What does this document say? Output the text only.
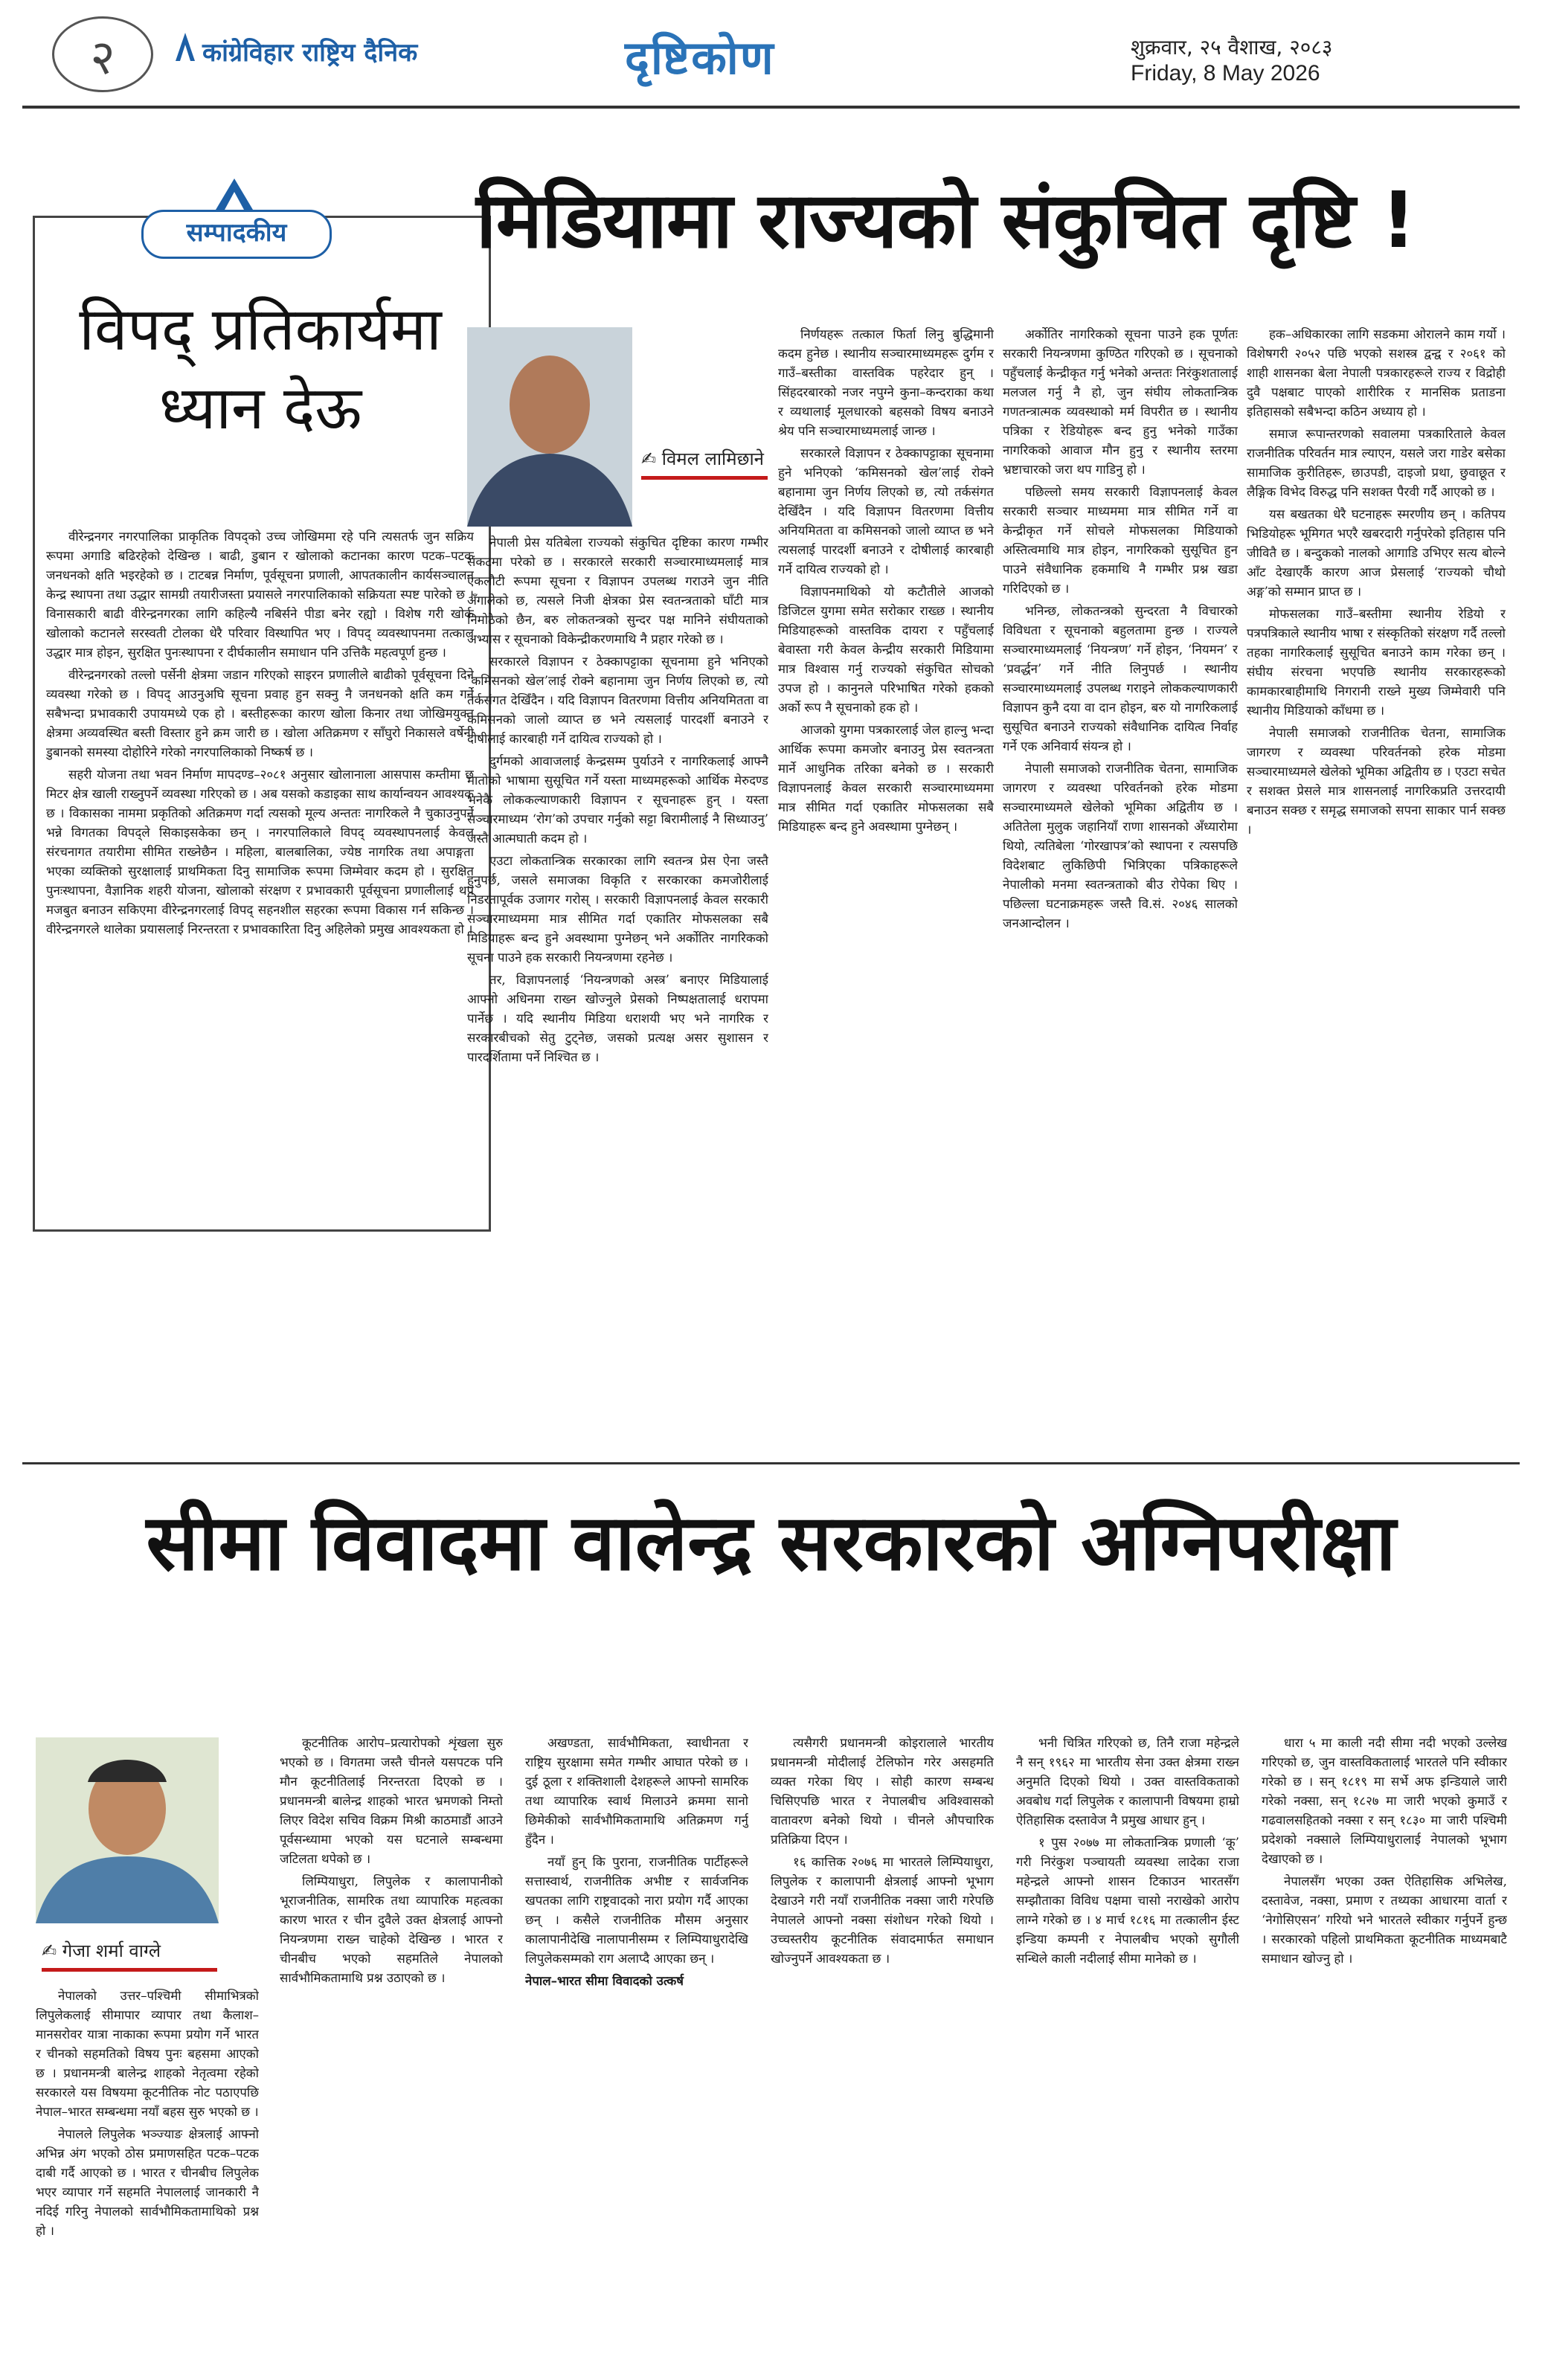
२	कांग्रेविहार राष्ट्रिय दैनिक	दृष्टिकोण	शुक्रवार, २५ वैशाख, २०८३
Friday, 8 May 2026
सम्पादकीय
विपद् प्रतिकार्यमा
ध्यान देऊ

वीरेन्द्रनगर नगरपालिका प्राकृतिक विपद्को उच्च जोखिममा रहे पनि त्यसतर्फ जुन सक्रिय रूपमा अगाडि बढिरहेको देखिन्छ । बाढी, डुबान र खोलाको कटानका कारण पटक–पटक जनधनको क्षति भइरहेको छ । टाटबन्न निर्माण, पूर्वसूचना प्रणाली, आपतकालीन कार्यसञ्चालन केन्द्र स्थापना तथा उद्धार सामग्री तयारीजस्ता प्रयासले नगरपालिकाको सक्रियता स्पष्ट पारेको छ । विनासकारी बाढी वीरेन्द्रनगरका लागि कहिल्यै नबिर्सने पीडा बनेर रह्यो । विशेष गरी खोर्क खोलाको कटानले सरस्वती टोलका धेरै परिवार विस्थापित भए । विपद् व्यवस्थापनमा तत्काल उद्धार मात्र होइन, सुरक्षित पुनःस्थापना र दीर्घकालीन समाधान पनि उत्तिकै महत्वपूर्ण हुन्छ ।

वीरेन्द्रनगरको तल्लो पर्सेनी क्षेत्रमा जडान गरिएको साइरन प्रणालीले बाढीको पूर्वसूचना दिने व्यवस्था गरेको छ । विपद् आउनुअघि सूचना प्रवाह हुन सक्नु नै जनधनको क्षति कम गर्ने सबैभन्दा प्रभावकारी उपायमध्ये एक हो । बस्तीहरूका कारण खोला किनार तथा जोखिमयुक्त क्षेत्रमा अव्यवस्थित बस्ती विस्तार हुने क्रम जारी छ । खोला अतिक्रमण र साँघुरो निकासले वर्षेनी डुबानको समस्या दोहोरिने गरेको नगरपालिकाको निष्कर्ष छ ।

सहरी योजना तथा भवन निर्माण मापदण्ड–२०८१ अनुसार खोलानाला आसपास कम्तीमा छ मिटर क्षेत्र खाली राख्नुपर्ने व्यवस्था गरिएको छ । अब यसको कडाइका साथ कार्यान्वयन आवश्यक छ । विकासका नाममा प्रकृतिको अतिक्रमण गर्दा त्यसको मूल्य अन्ततः नागरिकले नै चुकाउनुपर्ने भन्ने विगतका विपद्ले सिकाइसकेका छन् । नगरपालिकाले विपद् व्यवस्थापनलाई केवल संरचनागत तयारीमा सीमित राख्नेछैन । महिला, बालबालिका, ज्येष्ठ नागरिक तथा अपाङ्गता भएका व्यक्तिको सुरक्षालाई प्राथमिकता दिनु सामाजिक रूपमा जिम्मेवार कदम हो । सुरक्षित पुनःस्थापना, वैज्ञानिक शहरी योजना, खोलाको संरक्षण र प्रभावकारी पूर्वसूचना प्रणालीलाई थप मजबुत बनाउन सकिएमा वीरेन्द्रनगरलाई विपद् सहनशील सहरका रूपमा विकास गर्न सकिन्छ । वीरेन्द्रनगरले थालेका प्रयासलाई निरन्तरता र प्रभावकारिता दिनु अहिलेको प्रमुख आवश्यकता हो ।

मिडियामा राज्यको संकुचित दृष्टि !
✍ विमल लामिछाने

नेपाली प्रेस यतिबेला राज्यको संकुचित दृष्टिका कारण गम्भीर संकटमा परेको छ । सरकारले सरकारी सञ्चारमाध्यमलाई मात्र एकलौटी रूपमा सूचना र विज्ञापन उपलब्ध गराउने जुन नीति अँगालेको छ, त्यसले निजी क्षेत्रका प्रेस स्वतन्त्रताको घाँटी मात्र निमोठेको छैन, बरु लोकतन्त्रको सुन्दर पक्ष मानिने संघीयताको अभ्यास र सूचनाको विकेन्द्रीकरणमाथि नै प्रहार गरेको छ ।

सरकारले विज्ञापन र ठेक्कापट्टाका सूचनामा हुने भनिएको ‘कमिसनको खेल’लाई रोक्ने बहानामा जुन निर्णय लिएको छ, त्यो तर्कसंगत देखिँदैन । यदि विज्ञापन वितरणमा वित्तीय अनियमितता वा कमिसनको जालो व्याप्त छ भने त्यसलाई पारदर्शी बनाउने र दोषीलाई कारबाही गर्ने दायित्व राज्यको हो ।

दुर्गमको आवाजलाई केन्द्रसम्म पुर्याउने र नागरिकलाई आफ्नै मातोको भाषामा सुसूचित गर्ने यस्ता माध्यमहरूको आर्थिक मेरुदण्ड भनेकै लोककल्याणकारी विज्ञापन र सूचनाहरू हुन् । यस्ता सञ्चारमाध्यम ‘रोग’को उपचार गर्नुको सट्टा बिरामीलाई नै सिध्याउनु’ जस्तै आत्मघाती कदम हो ।

एउटा लोकतान्त्रिक सरकारका लागि स्वतन्त्र प्रेस ऐना जस्तै हुनुपर्छ, जसले समाजका विकृति र सरकारका कमजोरीलाई निडरतापूर्वक उजागर गरोस् । सरकारी विज्ञापनलाई केवल सरकारी सञ्चारमाध्यममा मात्र सीमित गर्दा एकातिर मोफसलका सबै मिडियाहरू बन्द हुने अवस्थामा पुग्नेछन् भने अर्कोतिर नागरिकको सूचना पाउने हक सरकारी नियन्त्रणमा रहनेछ ।

तर, विज्ञापनलाई ‘नियन्त्रणको अस्त्र’ बनाएर मिडियालाई आफ्नो अधिनमा राख्न खोज्नुले प्रेसको निष्पक्षतालाई धरापमा पार्नेछ । यदि स्थानीय मिडिया धराशयी भए भने नागरिक र सरकारबीचको सेतु टुट्नेछ, जसको प्रत्यक्ष असर सुशासन र पारदर्शितामा पर्ने निश्चित छ ।

निर्णयहरू तत्काल फिर्ता लिनु बुद्धिमानी कदम हुनेछ । स्थानीय सञ्चारमाध्यमहरू दुर्गम र गाउँ–बस्तीका वास्तविक पहरेदार हुन् । सिंहदरबारको नजर नपुग्ने कुना–कन्दराका कथा र व्यथालाई मूलधारको बहसको विषय बनाउने श्रेय पनि सञ्चारमाध्यमलाई जान्छ ।

सरकारले विज्ञापन र ठेक्कापट्टाका सूचनामा हुने भनिएको ‘कमिसनको खेल’लाई रोक्ने बहानामा जुन निर्णय लिएको छ, त्यो तर्कसंगत देखिँदैन । यदि विज्ञापन वितरणमा वित्तीय अनियमितता वा कमिसनको जालो व्याप्त छ भने त्यसलाई पारदर्शी बनाउने र दोषीलाई कारबाही गर्ने दायित्व राज्यको हो ।

विज्ञापनमाथिको यो कटौतीले आजको डिजिटल युगमा समेत सरोकार राख्छ । स्थानीय मिडियाहरूको वास्तविक दायरा र पहुँचलाई बेवास्ता गरी केवल केन्द्रीय सरकारी मिडियामा मात्र विश्वास गर्नु राज्यको संकुचित सोचको उपज हो । कानुनले परिभाषित गरेको हकको अर्को रूप नै सूचनाको हक हो ।

आजको युगमा पत्रकारलाई जेल हाल्नु भन्दा आर्थिक रूपमा कमजोर बनाउनु प्रेस स्वतन्त्रता मार्ने आधुनिक तरिका बनेको छ । सरकारी विज्ञापनलाई केवल सरकारी सञ्चारमाध्यममा मात्र सीमित गर्दा एकातिर मोफसलका सबै मिडियाहरू बन्द हुने अवस्थामा पुग्नेछन् ।

अर्कोतिर नागरिकको सूचना पाउने हक पूर्णतः सरकारी नियन्त्रणमा कुण्ठित गरिएको छ । सूचनाको पहुँचलाई केन्द्रीकृत गर्नु भनेको अन्ततः निरंकुशतालाई मलजल गर्नु नै हो, जुन संघीय लोकतान्त्रिक गणतन्त्रात्मक व्यवस्थाको मर्म विपरीत छ । स्थानीय पत्रिका र रेडियोहरू बन्द हुनु भनेको गाउँका नागरिकको आवाज मौन हुनु र स्थानीय स्तरमा भ्रष्टाचारको जरा थप गाडिनु हो ।

पछिल्लो समय सरकारी विज्ञापनलाई केवल सरकारी सञ्चार माध्यममा मात्र सीमित गर्ने वा केन्द्रीकृत गर्ने सोचले मोफसलका मिडियाको अस्तित्वमाथि मात्र होइन, नागरिकको सुसूचित हुन पाउने संवैधानिक हकमाथि नै गम्भीर प्रश्न खडा गरिदिएको छ ।

भनिन्छ, लोकतन्त्रको सुन्दरता नै विचारको विविधता र सूचनाको बहुलतामा हुन्छ । राज्यले सञ्चारमाध्यमलाई ‘नियन्त्रण’ गर्ने होइन, ‘नियमन’ र ‘प्रवर्द्धन’ गर्ने नीति लिनुपर्छ । स्थानीय सञ्चारमाध्यमलाई उपलब्ध गराइने लोककल्याणकारी विज्ञापन कुनै दया वा दान होइन, बरु यो नागरिकलाई सुसूचित बनाउने राज्यको संवैधानिक दायित्व निर्वाह गर्ने एक अनिवार्य संयन्त्र हो ।

नेपाली समाजको राजनीतिक चेतना, सामाजिक जागरण र व्यवस्था परिवर्तनको हरेक मोडमा सञ्चारमाध्यमले खेलेको भूमिका अद्वितीय छ । अतितेला मुलुक जहानियाँ राणा शासनको अँध्यारोमा थियो, त्यतिबेला ‘गोरखापत्र’को स्थापना र त्यसपछि विदेशबाट लुकिछिपी भित्रिएका पत्रिकाहरूले नेपालीको मनमा स्वतन्त्रताको बीउ रोपेका थिए । पछिल्ला घटनाक्रमहरू जस्तै वि.सं. २०४६ सालको जनआन्दोलन ।

हक–अधिकारका लागि सडकमा ओरालने काम गर्यो । विशेषगरी २०५२ पछि भएको सशस्त्र द्वन्द्व र २०६१ को शाही शासनका बेला नेपाली पत्रकारहरूले राज्य र विद्रोही दुवै पक्षबाट पाएको शारीरिक र मानसिक प्रताडना इतिहासको सबैभन्दा कठिन अध्याय हो ।

समाज रूपान्तरणको सवालमा पत्रकारिताले केवल राजनीतिक परिवर्तन मात्र ल्याएन, यसले जरा गाडेर बसेका सामाजिक कुरीतिहरू, छाउपडी, दाइजो प्रथा, छुवाछूत र लैङ्गिक विभेद विरुद्ध पनि सशक्त पैरवी गर्दै आएको छ ।

यस बखतका धेरै घटनाहरू स्मरणीय छन् । कतिपय भिडियोहरू भूमिगत भएरै खबरदारी गर्नुपरेको इतिहास पनि जीवितै छ । बन्दुकको नालको आगाडि उभिएर सत्य बोल्ने आँट देखाएर्कै कारण आज प्रेसलाई ‘राज्यको चौथो अङ्ग’को सम्मान प्राप्त छ ।

मोफसलका गाउँ–बस्तीमा स्थानीय रेडियो र पत्रपत्रिकाले स्थानीय भाषा र संस्कृतिको संरक्षण गर्दै तल्लो तहका नागरिकलाई सुसूचित बनाउने काम गरेका छन् । संघीय संरचना भएपछि स्थानीय सरकारहरूको कामकारबाहीमाथि निगरानी राख्ने मुख्य जिम्मेवारी पनि स्थानीय मिडियाको काँधमा छ ।

नेपाली समाजको राजनीतिक चेतना, सामाजिक जागरण र व्यवस्था परिवर्तनको हरेक मोडमा सञ्चारमाध्यमले खेलेको भूमिका अद्वितीय छ । एउटा सचेत र सशक्त प्रेसले मात्र शासनलाई नागरिकप्रति उत्तरदायी बनाउन सक्छ र समृद्ध समाजको सपना साकार पार्न सक्छ ।

सीमा विवादमा वालेन्द्र सरकारको अग्निपरीक्षा
✍ गेजा शर्मा वाग्ले

नेपालको उत्तर–पश्चिमी सीमाभित्रको लिपुलेकलाई सीमापार व्यापार तथा कैलाश–मानसरोवर यात्रा नाकाका रूपमा प्रयोग गर्ने भारत र चीनको सहमतिको विषय पुनः बहसमा आएको छ । प्रधानमन्त्री बालेन्द्र शाहको नेतृत्वमा रहेको सरकारले यस विषयमा कूटनीतिक नोट पठाएपछि नेपाल–भारत सम्बन्धमा नयाँ बहस सुरु भएको छ ।

नेपालले लिपुलेक भञ्ज्याङ क्षेत्रलाई आफ्नो अभिन्न अंग भएको ठोस प्रमाणसहित पटक–पटक दाबी गर्दै आएको छ । भारत र चीनबीच लिपुलेक भएर व्यापार गर्ने सहमति नेपाललाई जानकारी नै नदिई गरिनु नेपालको सार्वभौमिकतामाथिको प्रश्न हो ।

कूटनीतिक आरोप–प्रत्यारोपको शृंखला सुरु भएको छ । विगतमा जस्तै चीनले यसपटक पनि मौन कूटनीतिलाई निरन्तरता दिएको छ । प्रधानमन्त्री बालेन्द्र शाहको भारत भ्रमणको निम्तो लिएर विदेश सचिव विक्रम मिश्री काठमाडौं आउने पूर्वसन्ध्यामा भएको यस घटनाले सम्बन्धमा जटिलता थपेको छ ।

लिम्पियाधुरा, लिपुलेक र कालापानीको भूराजनीतिक, सामरिक तथा व्यापारिक महत्वका कारण भारत र चीन दुवैले उक्त क्षेत्रलाई आफ्नो नियन्त्रणमा राख्न चाहेको देखिन्छ । भारत र चीनबीच भएको सहमतिले नेपालको सार्वभौमिकतामाथि प्रश्न उठाएको छ ।

अखण्डता, सार्वभौमिकता, स्वाधीनता र राष्ट्रिय सुरक्षामा समेत गम्भीर आघात परेको छ । दुई ठूला र शक्तिशाली देशहरूले आफ्नो सामरिक तथा व्यापारिक स्वार्थ मिलाउने क्रममा सानो छिमेकीको सार्वभौमिकतामाथि अतिक्रमण गर्नु हुँदैन ।

नयाँ हुन् कि पुराना, राजनीतिक पार्टीहरूले सत्तास्वार्थ, राजनीतिक अभीष्ट र सार्वजनिक खपतका लागि राष्ट्रवादको नारा प्रयोग गर्दै आएका छन् । कसैले राजनीतिक मौसम अनुसार कालापानीदेखि नालापानीसम्म र लिम्पियाधुरादेखि लिपुलेकसम्मको राग अलाप्दै आएका छन् ।

नेपाल–भारत सीमा विवादको उत्कर्ष

त्यसैगरी प्रधानमन्त्री कोइरालाले भारतीय प्रधानमन्त्री मोदीलाई टेलिफोन गरेर असहमति व्यक्त गरेका थिए । सोही कारण सम्बन्ध चिसिएपछि भारत र नेपालबीच अविश्वासको वातावरण बनेको थियो । चीनले औपचारिक प्रतिक्रिया दिएन ।

१६ कात्तिक २०७६ मा भारतले लिम्पियाधुरा, लिपुलेक र कालापानी क्षेत्रलाई आफ्नो भूभाग देखाउने गरी नयाँ राजनीतिक नक्सा जारी गरेपछि नेपालले आफ्नो नक्सा संशोधन गरेको थियो । उच्चस्तरीय कूटनीतिक संवादमार्फत समाधान खोज्नुपर्ने आवश्यकता छ ।

भनी चित्रित गरिएको छ, तिनै राजा महेन्द्रले नै सन् १९६२ मा भारतीय सेना उक्त क्षेत्रमा राख्न अनुमति दिएको थियो । उक्त वास्तविकताको अवबोध गर्दा लिपुलेक र कालापानी विषयमा हाम्रो ऐतिहासिक दस्तावेज नै प्रमुख आधार हुन् ।

१ पुस २०७७ मा लोकतान्त्रिक प्रणाली ‘कू’ गरी निरंकुश पञ्चायती व्यवस्था लादेका राजा महेन्द्रले आफ्नो शासन टिकाउन भारतसँग सम्झौताका विविध पक्षमा चासो नराखेको आरोप लाग्ने गरेको छ । ४ मार्च १८१६ मा तत्कालीन ईस्ट इन्डिया कम्पनी र नेपालबीच भएको सुगौली सन्धिले काली नदीलाई सीमा मानेको छ ।

धारा ५ मा काली नदी सीमा नदी भएको उल्लेख गरिएको छ, जुन वास्तविकतालाई भारतले पनि स्वीकार गरेको छ । सन् १८१९ मा सर्भे अफ इन्डियाले जारी गरेको नक्सा, सन् १८२७ मा जारी भएको कुमाउँ र गढवालसहितको नक्सा र सन् १८३० मा जारी पश्चिमी प्रदेशको नक्साले लिम्पियाधुरालाई नेपालको भूभाग देखाएको छ ।

नेपालसँग भएका उक्त ऐतिहासिक अभिलेख, दस्तावेज, नक्सा, प्रमाण र तथ्यका आधारमा वार्ता र ‘नेगोसिएसन’ गरियो भने भारतले स्वीकार गर्नुपर्ने हुन्छ । सरकारको पहिलो प्राथमिकता कूटनीतिक माध्यमबाटै समाधान खोज्नु हो ।
